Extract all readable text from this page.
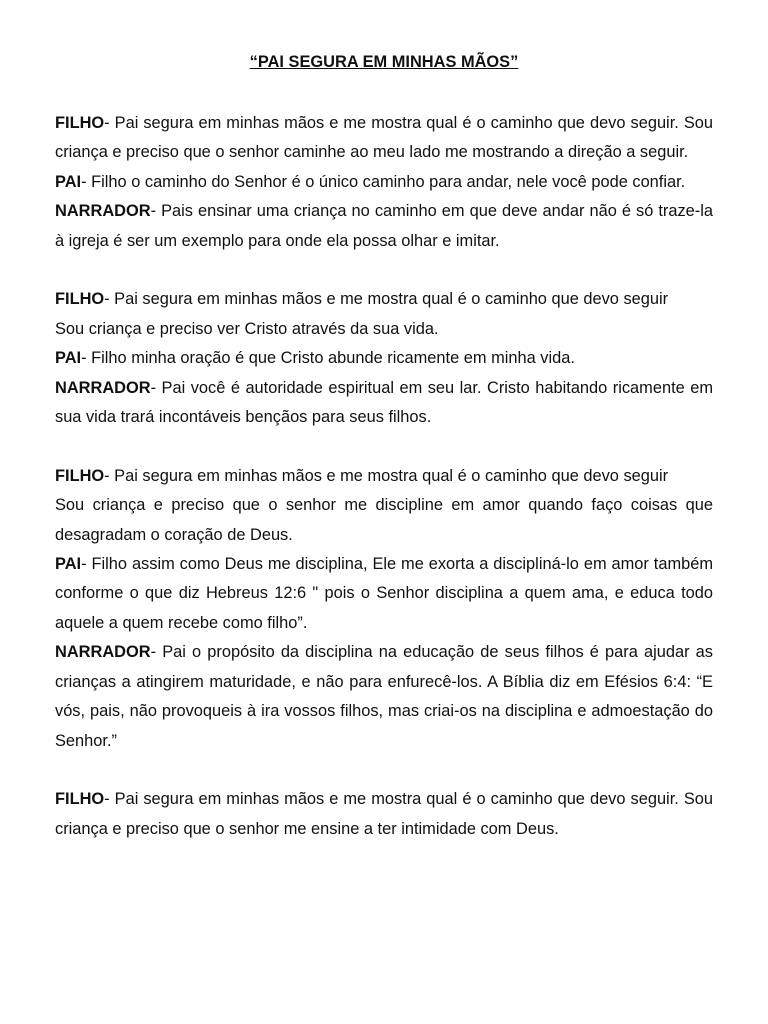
“PAI SEGURA EM MINHAS MÃOS”

FILHO- Pai segura em minhas mãos e me mostra qual é o caminho que devo seguir. Sou criança e preciso que o senhor caminhe ao meu lado me mostrando a direção a seguir.

PAI- Filho o caminho do Senhor é o único caminho para andar, nele você pode confiar.

NARRADOR- Pais ensinar uma criança no caminho em que deve andar não é só traze-la à igreja é ser um exemplo para onde ela possa olhar e imitar.

FILHO- Pai segura em minhas mãos e me mostra qual é o caminho que devo seguir

Sou criança e preciso ver Cristo através da sua vida.

PAI- Filho minha oração é que Cristo abunde ricamente em minha vida.

NARRADOR- Pai você é autoridade espiritual em seu lar. Cristo habitando ricamente em sua vida trará incontáveis bençãos para seus filhos.

FILHO- Pai segura em minhas mãos e me mostra qual é o caminho que devo seguir

Sou criança e preciso que o senhor me discipline em amor quando faço coisas que desagradam o coração de Deus.

PAI- Filho assim como Deus me disciplina, Ele me exorta a discipliná-lo em amor também conforme o que diz Hebreus 12:6 " pois o Senhor disciplina a quem ama, e educa todo aquele a quem recebe como filho”.

NARRADOR- Pai o propósito da disciplina na educação de seus filhos é para ajudar as crianças a atingirem maturidade, e não para enfurecê-los. A Bíblia diz em Efésios 6:4: “E vós, pais, não provoqueis à ira vossos filhos, mas criai-os na disciplina e admoestação do Senhor.”

FILHO- Pai segura em minhas mãos e me mostra qual é o caminho que devo seguir. Sou criança e preciso que o senhor me ensine a ter intimidade com Deus.
